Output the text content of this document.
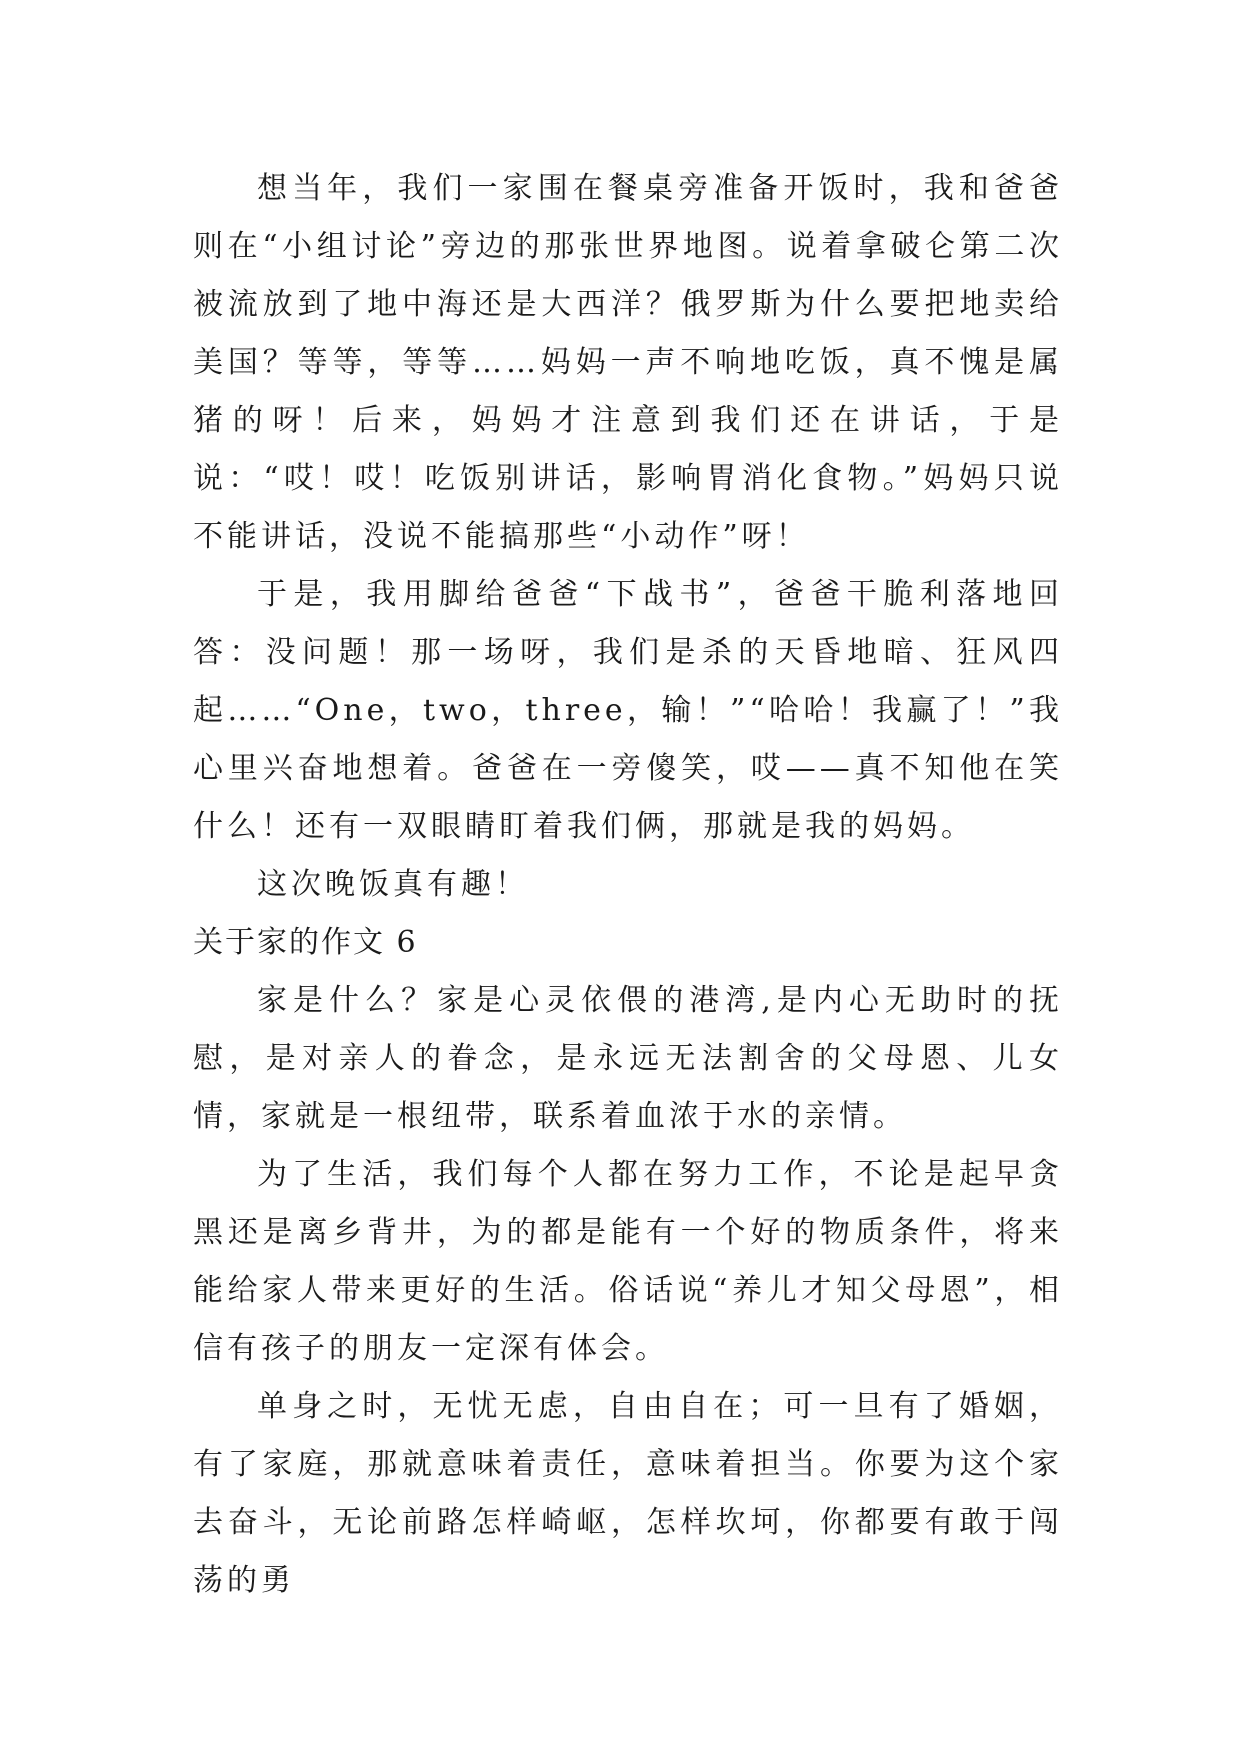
想当年，我们一家围在餐桌旁准备开饭时，我和爸爸则在“小组讨论”旁边的那张世界地图。说着拿破仑第二次被流放到了地中海还是大西洋？俄罗斯为什么要把地卖给美国？等等，等等……妈妈一声不响地吃饭，真不愧是属猪的呀！后来，妈妈才注意到我们还在讲话，于是说：“哎！哎！吃饭别讲话，影响胃消化食物。”妈妈只说不能讲话，没说不能搞那些“小动作”呀！

于是，我用脚给爸爸“下战书”，爸爸干脆利落地回答：没问题！那一场呀，我们是杀的天昏地暗、狂风四起……“One，two，three，输！”“哈哈！我赢了！”我心里兴奋地想着。爸爸在一旁傻笑，哎——真不知他在笑什么！还有一双眼睛盯着我们俩，那就是我的妈妈。

这次晚饭真有趣！

关于家的作文 6

家是什么？家是心灵依偎的港湾,是内心无助时的抚慰，是对亲人的眷念，是永远无法割舍的父母恩、儿女情，家就是一根纽带，联系着血浓于水的亲情。

为了生活，我们每个人都在努力工作，不论是起早贪黑还是离乡背井，为的都是能有一个好的物质条件，将来能给家人带来更好的生活。俗话说“养儿才知父母恩”，相信有孩子的朋友一定深有体会。

单身之时，无忧无虑，自由自在；可一旦有了婚姻，有了家庭，那就意味着责任，意味着担当。你要为这个家去奋斗，无论前路怎样崎岖，怎样坎坷，你都要有敢于闯荡的勇
